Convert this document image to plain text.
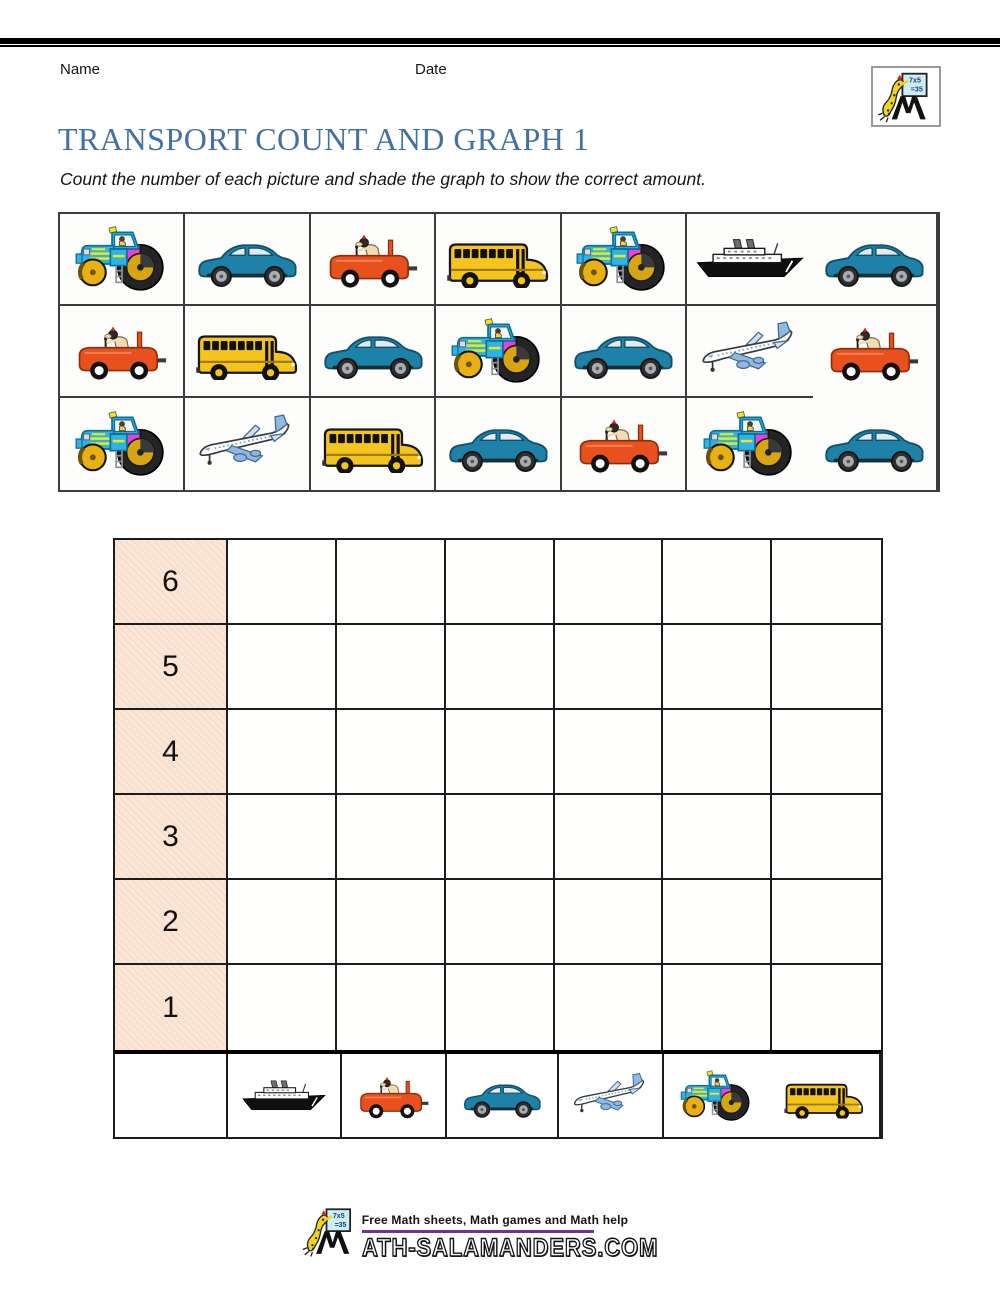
Name	Date
TRANSPORT COUNT AND GRAPH 1

Count the number of each picture and shade the graph to show the correct amount.

6
5
4
3
2
1
Free Math sheets, Math games and Math help
ATH-SALAMANDERS.COM
